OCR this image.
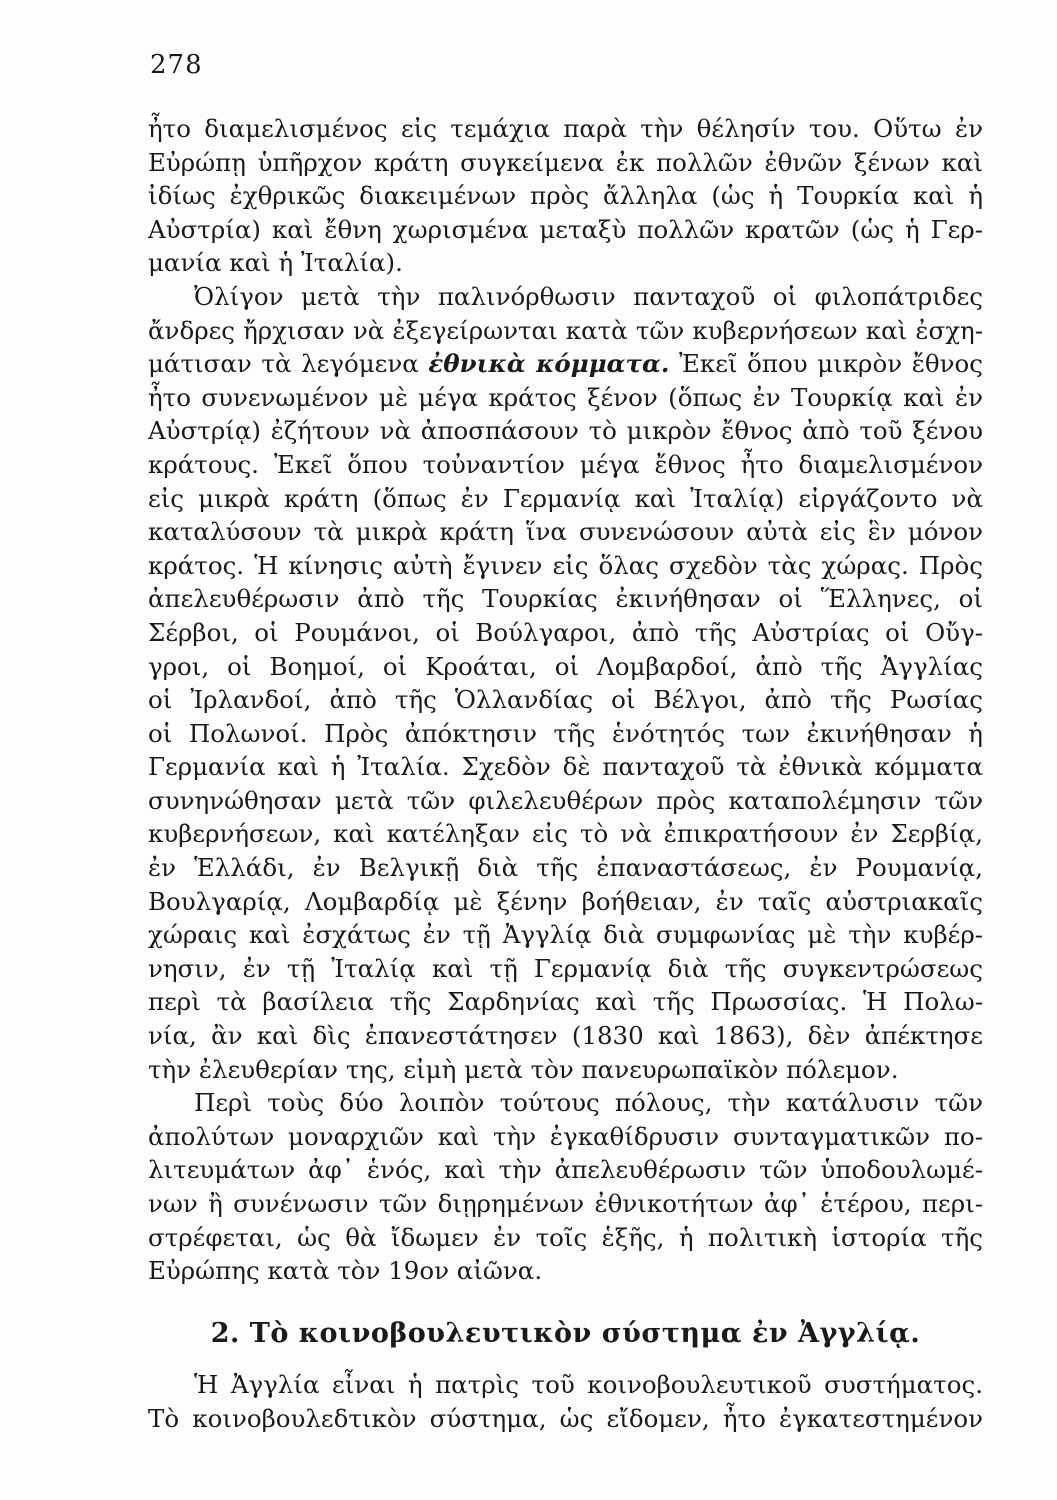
278
ἦτο διαμελισμένος εἰς τεμάχια παρὰ τὴν θέλησίν του. Οὕτω ἐν
Εὐρώπῃ ὑπῆρχον κράτη συγκείμενα ἐκ πολλῶν ἐθνῶν ξένων καὶ
ἰδίως ἐχθρικῶς διακειμένων πρὸς ἄλληλα (ὡς ἡ Τουρκία καὶ ἡ
Αὐστρία) καὶ ἔθνη χωρισμένα μεταξὺ πολλῶν κρατῶν (ὡς ἡ Γερ-
μανία καὶ ἡ Ἰταλία).
Ὀλίγον μετὰ τὴν παλινόρθωσιν πανταχοῦ οἱ φιλοπάτριδες
ἄνδρες ἤρχισαν νὰ ἐξεγείρωνται κατὰ τῶν κυβερνήσεων καὶ ἐσχη-
μάτισαν τὰ λεγόμενα ἐθνικὰ κόμματα. Ἐκεῖ ὅπου μικρὸν ἔθνος
ἦτο συνενωμένον μὲ μέγα κράτος ξένον (ὅπως ἐν Τουρκίᾳ καὶ ἐν
Αὐστρίᾳ) ἐζήτουν νὰ ἀποσπάσουν τὸ μικρὸν ἔθνος ἀπὸ τοῦ ξένου
κράτους. Ἐκεῖ ὅπου τοὐναντίον μέγα ἔθνος ἦτο διαμελισμένον
εἰς μικρὰ κράτη (ὅπως ἐν Γερμανίᾳ καὶ Ἰταλίᾳ) εἰργάζοντο νὰ
καταλύσουν τὰ μικρὰ κράτη ἵνα συνενώσουν αὐτὰ εἰς ἓν μόνον
κράτος. Ἡ κίνησις αὐτὴ ἔγινεν εἰς ὅλας σχεδὸν τὰς χώρας. Πρὸς
ἀπελευθέρωσιν ἀπὸ τῆς Τουρκίας ἐκινήθησαν οἱ Ἕλληνες, οἱ
Σέρβοι, οἱ Ρουμάνοι, οἱ Βούλγαροι, ἀπὸ τῆς Αὐστρίας οἱ Οὔγ-
γροι, οἱ Βοημοί, οἱ Κροάται, οἱ Λομβαρδοί, ἀπὸ τῆς Ἀγγλίας
οἱ Ἰρλανδοί, ἀπὸ τῆς Ὁλλανδίας οἱ Βέλγοι, ἀπὸ τῆς Ρωσίας
οἱ Πολωνοί. Πρὸς ἀπόκτησιν τῆς ἑνότητός των ἐκινήθησαν ἡ
Γερμανία καὶ ἡ Ἰταλία. Σχεδὸν δὲ πανταχοῦ τὰ ἐθνικὰ κόμματα
συνηνώθησαν μετὰ τῶν φιλελευθέρων πρὸς καταπολέμησιν τῶν
κυβερνήσεων, καὶ κατέληξαν εἰς τὸ νὰ ἐπικρατήσουν ἐν Σερβίᾳ,
ἐν Ἑλλάδι, ἐν Βελγικῇ διὰ τῆς ἐπαναστάσεως, ἐν Ρουμανίᾳ,
Βουλγαρίᾳ, Λομβαρδίᾳ μὲ ξένην βοήθειαν, ἐν ταῖς αὐστριακαῖς
χώραις καὶ ἐσχάτως ἐν τῇ Ἀγγλίᾳ διὰ συμφωνίας μὲ τὴν κυβέρ-
νησιν, ἐν τῇ Ἰταλίᾳ καὶ τῇ Γερμανίᾳ διὰ τῆς συγκεντρώσεως
περὶ τὰ βασίλεια τῆς Σαρδηνίας καὶ τῆς Πρωσσίας. Ἡ Πολω-
νία, ἂν καὶ δὶς ἐπανεστάτησεν (1830 καὶ 1863), δὲν ἀπέκτησε
τὴν ἐλευθερίαν της, εἰμὴ μετὰ τὸν πανευρωπαϊκὸν πόλεμον.
Περὶ τοὺς δύο λοιπὸν τούτους πόλους, τὴν κατάλυσιν τῶν
ἀπολύτων μοναρχιῶν καὶ τὴν ἐγκαθίδρυσιν συνταγματικῶν πο-
λιτευμάτων ἀφ᾽ ἑνός, καὶ τὴν ἀπελευθέρωσιν τῶν ὑποδουλωμέ-
νων ἢ συνένωσιν τῶν διῃρημένων ἐθνικοτήτων ἀφ᾽ ἑτέρου, περι-
στρέφεται, ὡς θὰ ἴδωμεν ἐν τοῖς ἑξῆς, ἡ πολιτικὴ ἱστορία τῆς
Εὐρώπης κατὰ τὸν 19ον αἰῶνα.
2. Τὸ κοινοβουλευτικὸν σύστημα ἐν Ἀγγλίᾳ.
Ἡ Ἀγγλία εἶναι ἡ πατρὶς τοῦ κοινοβουλευτικοῦ συστήματος.
Τὸ κοινοβουλεδτικὸν σύστημα, ὡς εἴδομεν, ἦτο ἐγκατεστημένον
